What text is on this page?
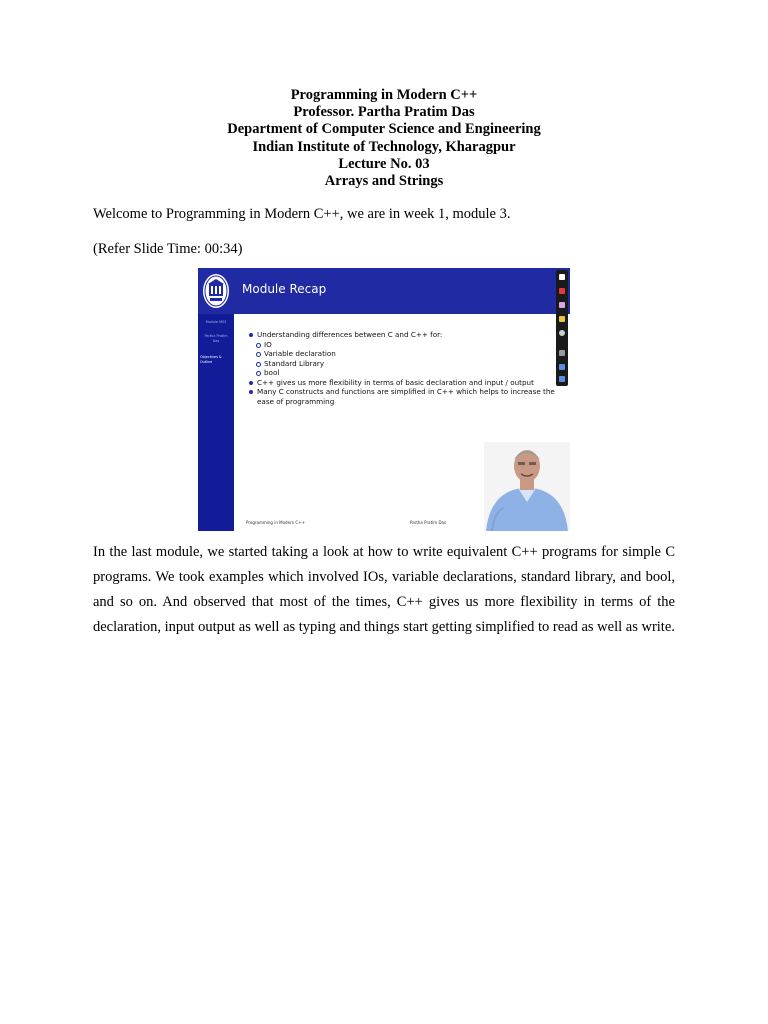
Programming in Modern C++
Professor. Partha Pratim Das
Department of Computer Science and Engineering
Indian Institute of Technology, Kharagpur
Lecture No. 03
Arrays and Strings
Welcome to Programming in Modern C++, we are in week 1, module 3.
(Refer Slide Time: 00:34)
Module Recap
Module M03
Partha Pratim
Das
Objectives &
Outline
Understanding differences between C and C++ for:
IO
Variable declaration
Standard Library
bool
C++ gives us more flexibility in terms of basic declaration and input / output
Many C constructs and functions are simplified in C++ which helps to increase the ease of programming
Programming in Modern C++	Partha Pratim Das
In the last module, we started taking a look at how to write equivalent C++ programs for simple C programs. We took examples which involved IOs, variable declarations, standard library, and bool, and so on. And observed that most of the times, C++ gives us more flexibility in terms of the declaration, input output as well as typing and things start getting simplified to read as well as write.
